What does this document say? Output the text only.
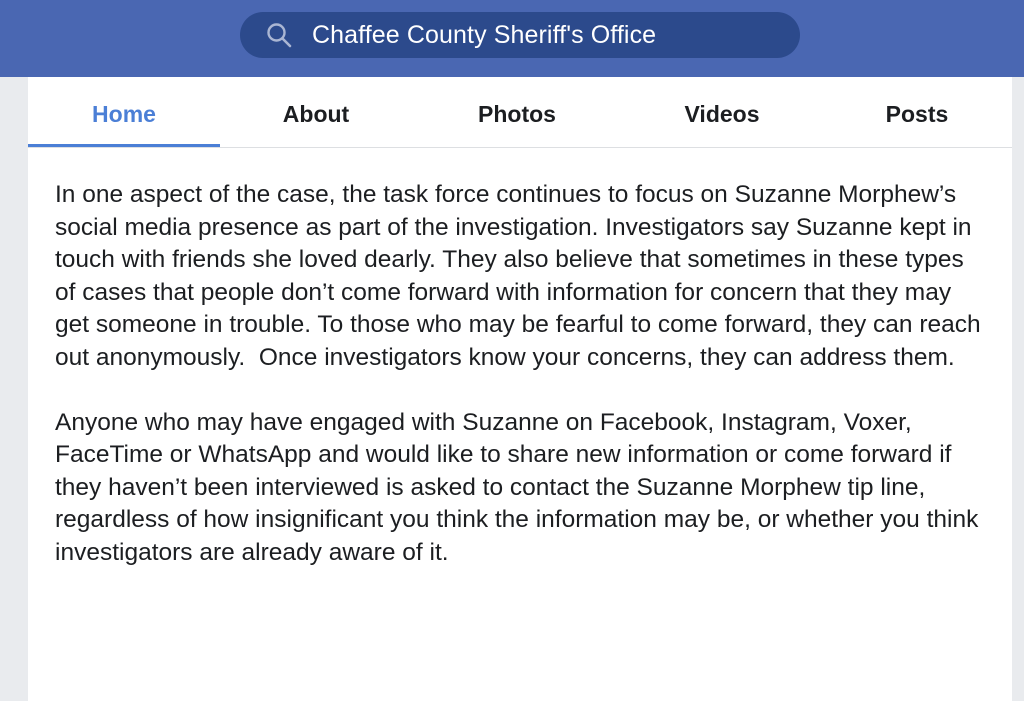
Chaffee County Sheriff's Office
Home	About	Photos	Videos	Posts

In one aspect of the case, the task force continues to focus on Suzanne Morphew’s social media presence as part of the investigation. Investigators say Suzanne kept in touch with friends she loved dearly. They also believe that sometimes in these types of cases that people don’t come forward with information for concern that they may get someone in trouble. To those who may be fearful to come forward, they can reach out anonymously.  Once investigators know your concerns, they can address them.

Anyone who may have engaged with Suzanne on Facebook, Instagram, Voxer, FaceTime or WhatsApp and would like to share new information or come forward if they haven’t been interviewed is asked to contact the Suzanne Morphew tip line, regardless of how insignificant you think the information may be, or whether you think investigators are already aware of it.
